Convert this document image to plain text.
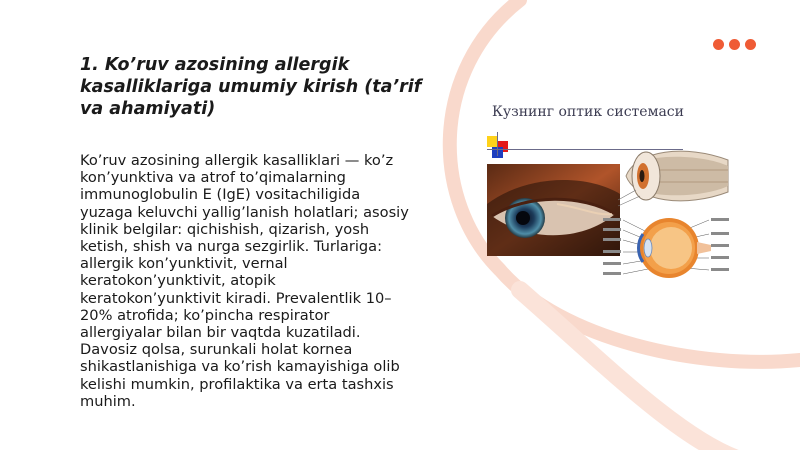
1. Ko’ruv azosining allergik kasalliklariga umumiy kirish (ta’rif va ahamiyati)

Ko’ruv azosining allergik kasalliklari — ko’z kon’yunktiva va atrof to’qimalarning immunoglobulin E (IgE) vositachiligida yuzaga keluvchi yallig’lanish holatlari; asosiy klinik belgilar: qichishish, qizarish, yosh ketish, shish va nurga sezgirlik. Turlariga: allergik kon’yunktivit, vernal keratokon’yunktivit, atopik keratokon’yunktivit kiradi. Prevalentlik 10–20% atrofida; ko’pincha respirator allergiyalar bilan bir vaqtda kuzatiladi. Davosiz qolsa, surunkali holat kornea shikastlanishiga va ko’rish kamayishiga olib kelishi mumkin, profilaktika va erta tashxis muhim.

Кузнинг оптик системаси
